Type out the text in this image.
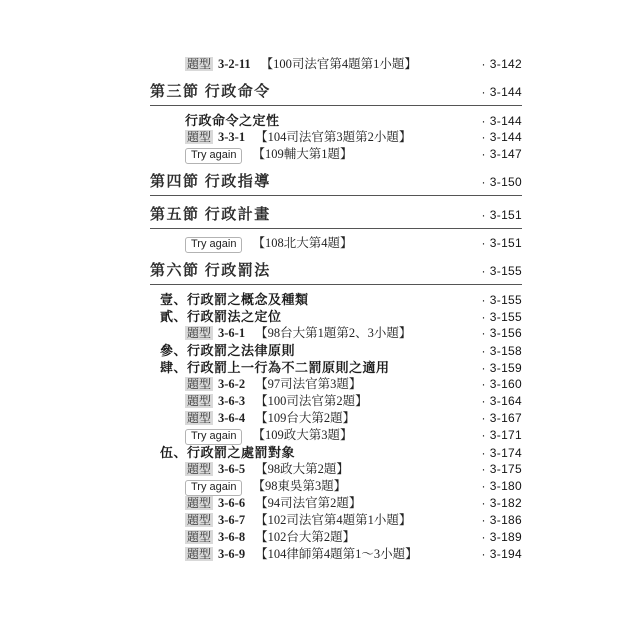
題型 3-2-11 【100司法官第4題第1小題】	· 3-142
第三節 行政命令	· 3-144
行政命令之定性	· 3-144
題型 3-3-1 【104司法官第3題第2小題】	· 3-144
Try again 【109輔大第1題】	· 3-147
第四節 行政指導	· 3-150
第五節 行政計畫	· 3-151
Try again 【108北大第4題】	· 3-151
第六節 行政罰法	· 3-155
壹、行政罰之概念及種類	· 3-155
貳、行政罰法之定位	· 3-155
題型 3-6-1 【98台大第1題第2、3小題】	· 3-156
參、行政罰之法律原則	· 3-158
肆、行政罰上一行為不二罰原則之適用	· 3-159
題型 3-6-2 【97司法官第3題】	· 3-160
題型 3-6-3 【100司法官第2題】	· 3-164
題型 3-6-4 【109台大第2題】	· 3-167
Try again 【109政大第3題】	· 3-171
伍、行政罰之處罰對象	· 3-174
題型 3-6-5 【98政大第2題】	· 3-175
Try again 【98東吳第3題】	· 3-180
題型 3-6-6 【94司法官第2題】	· 3-182
題型 3-6-7 【102司法官第4題第1小題】	· 3-186
題型 3-6-8 【102台大第2題】	· 3-189
題型 3-6-9 【104律師第4題第1～3小題】	· 3-194
